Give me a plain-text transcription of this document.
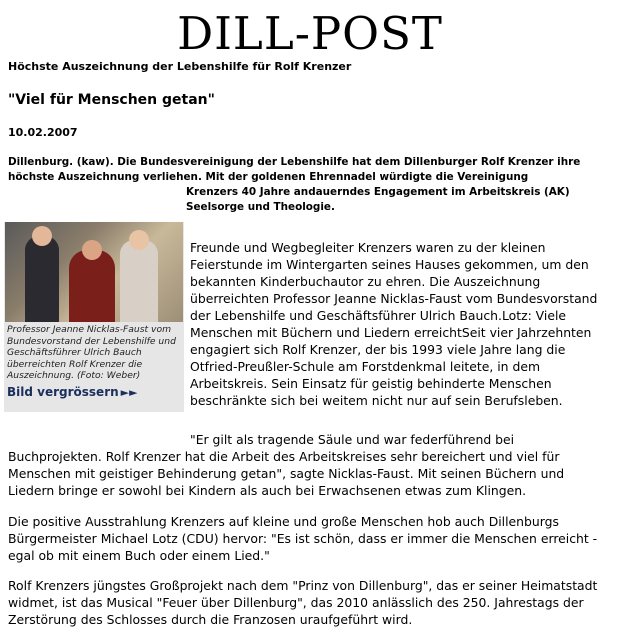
DILL-POST
Höchste Auszeichnung der Lebenshilfe für Rolf Krenzer
"Viel für Menschen getan"
10.02.2007
Dillenburg. (kaw). Die Bundesvereinigung der Lebenshilfe hat dem Dillenburger Rolf Krenzer ihre höchste Auszeichnung verliehen. Mit der goldenen Ehrennadel würdigte die Vereinigung
Krenzers 40 Jahre andauerndes Engagement im Arbeitskreis (AK) Seelsorge und Theologie.
Professor Jeanne Nicklas-Faust vom Bundesvorstand der Lebenshilfe und Geschäftsführer Ulrich Bauch überreichten Rolf Krenzer die Auszeichnung. (Foto: Weber)
Bild vergrössern ►►
Freunde und Wegbegleiter Krenzers waren zu der kleinen Feierstunde im Wintergarten seines Hauses gekommen, um den bekannten Kinderbuchautor zu ehren. Die Auszeichnung überreichten Professor Jeanne Nicklas-Faust vom Bundesvorstand der Lebenshilfe und Geschäftsführer Ulrich Bauch.Lotz: Viele Menschen mit Büchern und Liedern erreichtSeit vier Jahrzehnten engagiert sich Rolf Krenzer, der bis 1993 viele Jahre lang die Otfried-Preußler-Schule am Forstdenkmal leitete, in dem Arbeitskreis. Sein Einsatz für geistig behinderte Menschen beschränkte sich bei weitem nicht nur auf sein Berufsleben.
"Er gilt als tragende Säule und war federführend bei
Buchprojekten. Rolf Krenzer hat die Arbeit des Arbeitskreises sehr bereichert und viel für Menschen mit geistiger Behinderung getan", sagte Nicklas-Faust. Mit seinen Büchern und Liedern bringe er sowohl bei Kindern als auch bei Erwachsenen etwas zum Klingen.
Die positive Ausstrahlung Krenzers auf kleine und große Menschen hob auch Dillenburgs Bürgermeister Michael Lotz (CDU) hervor: "Es ist schön, dass er immer die Menschen erreicht - egal ob mit einem Buch oder einem Lied."
Rolf Krenzers jüngstes Großprojekt nach dem "Prinz von Dillenburg", das er seiner Heimatstadt widmet, ist das Musical "Feuer über Dillenburg", das 2010 anlässlich des 250. Jahrestags der Zerstörung des Schlosses durch die Franzosen uraufgeführt wird.
